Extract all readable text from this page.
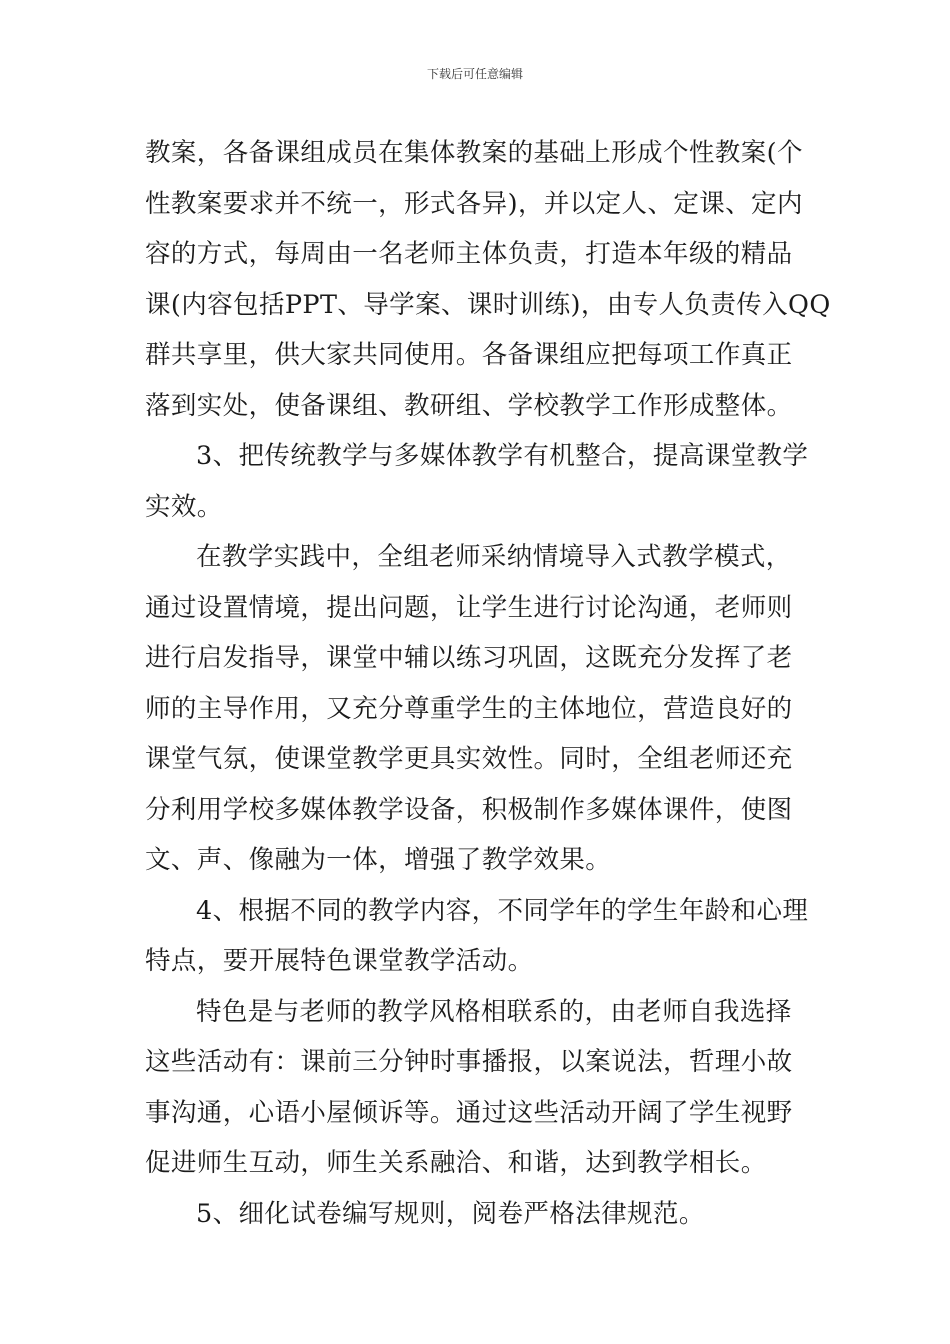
下载后可任意编辑
教案，各备课组成员在集体教案的基础上形成个性教案(个
性教案要求并不统一，形式各异)，并以定人、定课、定内
容的方式，每周由一名老师主体负责，打造本年级的精品
课(内容包括PPT、导学案、课时训练)，由专人负责传入QQ
群共享里，供大家共同使用。各备课组应把每项工作真正
落到实处，使备课组、教研组、学校教学工作形成整体。
3、把传统教学与多媒体教学有机整合，提高课堂教学
实效。
在教学实践中，全组老师采纳情境导入式教学模式，
通过设置情境，提出问题，让学生进行讨论沟通，老师则
进行启发指导，课堂中辅以练习巩固，这既充分发挥了老
师的主导作用，又充分尊重学生的主体地位，营造良好的
课堂气氛，使课堂教学更具实效性。同时，全组老师还充
分利用学校多媒体教学设备，积极制作多媒体课件，使图
文、声、像融为一体，增强了教学效果。
4、根据不同的教学内容，不同学年的学生年龄和心理
特点，要开展特色课堂教学活动。
特色是与老师的教学风格相联系的，由老师自我选择
这些活动有：课前三分钟时事播报，以案说法，哲理小故
事沟通，心语小屋倾诉等。通过这些活动开阔了学生视野
促进师生互动，师生关系融洽、和谐，达到教学相长。
5、细化试卷编写规则，阅卷严格法律规范。
